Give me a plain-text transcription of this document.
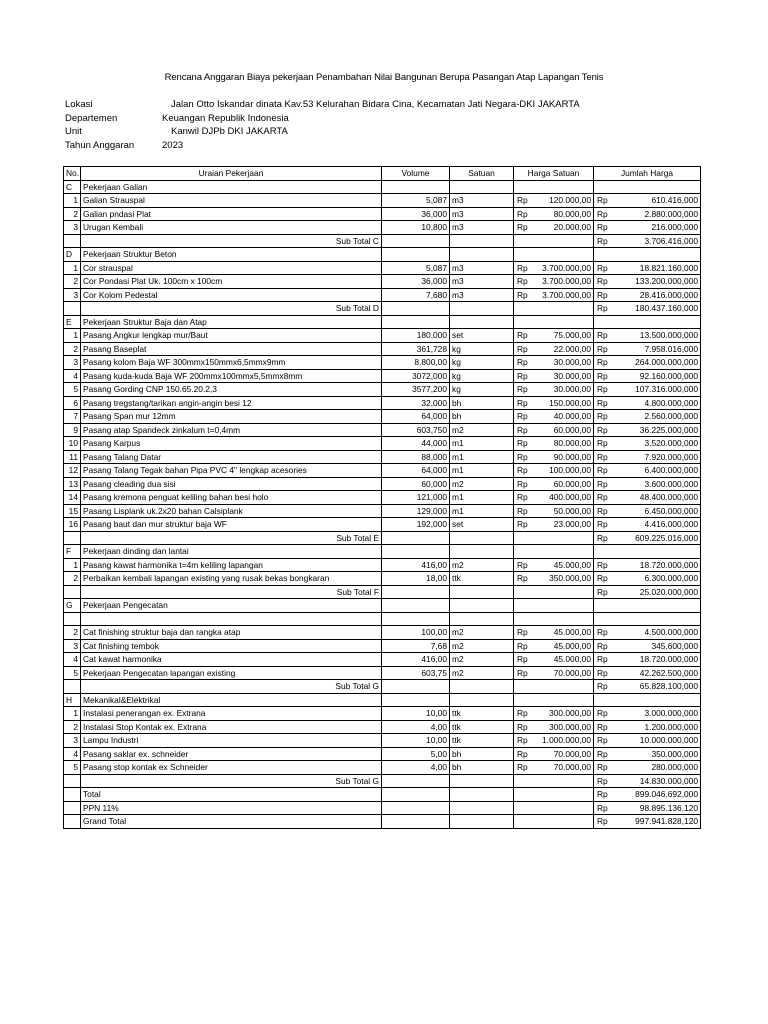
Rencana Anggaran Biaya pekerjaan Penambahan Nilai Bangunan Berupa Pasangan Atap Lapangan Tenis
Lokasi	Jalan Otto Iskandar dinata Kav.53 Kelurahan Bidara Cina, Kecamatan Jati Negara-DKI JAKARTA
Departemen	Keuangan Republik Indonesia
Unit	Kanwil DJPb DKI JAKARTA
Tahun Anggaran	2023
No.	Uraian Pekerjaan	Volume	Satuan	Harga Satuan		Jumlah Harga	
C	Pekerjaan Galian						
1	Galian Strauspal	5,087	m3	Rp	120.000,00	Rp	610.416,000
2	Galian pndasi Plat	36,000	m3	Rp	80.000,00	Rp	2.880.000,000
3	Urugan Kembali	10,800	m3	Rp	20.000,00	Rp	216.000,000
	Sub Total C					Rp	3.706.416,000
D	Pekerjaan Struktur Beton						
1	Cor strauspal	5,087	m3	Rp	3.700.000,00	Rp	18.821.160,000
2	Cor Pondasi Plat Uk. 100cm x 100cm	36,000	m3	Rp	3.700.000,00	Rp	133.200.000,000
3	Cor Kolom Pedestal	7,680	m3	Rp	3.700.000,00	Rp	28.416.000,000
	Sub Total D					Rp	180.437.160,000
E	Pekerjaan Struktur Baja dan Atap						
1	Pasang Angkur lengkap mur/Baut	180,000	set	Rp	75.000,00	Rp	13.500.000,000
2	Pasang Baseplat	361,728	kg	Rp	22.000,00	Rp	7.958.016,000
3	Pasang kolom Baja WF 300mmx150mmx6,5mmx9mm	8.800,00	kg	Rp	30.000,00	Rp	264.000.000,000
4	Pasang kuda-kuda Baja WF 200mmx100mmx5,5mmx8mm	3072,000	kg	Rp	30.000,00	Rp	92.160.000,000
5	Pasang Gording CNP 150.65.20.2,3	3577,200	kg	Rp	30.000,00	Rp	107.316.000,000
6	Pasang tregstang/tarikan angin-angin besi 12	32,000	bh	Rp	150.000,00	Rp	4.800.000,000
7	Pasang Span mur 12mm	64,000	bh	Rp	40.000,00	Rp	2.560.000,000
9	Pasang atap Spandeck zinkalum t=0,4mm	603,750	m2	Rp	60.000,00	Rp	36.225.000,000
10	Pasang Karpus	44,000	m1	Rp	80.000,00	Rp	3.520.000,000
11	Pasang Talang Datar	88,000	m1	Rp	90.000,00	Rp	7.920.000,000
12	Pasang Talang Tegak bahan Pipa PVC 4" lengkap acesories	64,000	m1	Rp	100.000,00	Rp	6.400.000,000
13	Pasang cleading dua sisi	60,000	m2	Rp	60.000,00	Rp	3.600.000,000
14	Pasang kremona penguat keliling bahan besi holo	121,000	m1	Rp	400.000,00	Rp	48.400.000,000
15	Pasang Lisplank uk.2x20 bahan Calsiplank	129,000	m1	Rp	50.000,00	Rp	6.450.000,000
16	Pasang baut dan mur struktur baja WF	192,000	set	Rp	23.000,00	Rp	4.416.000,000
	Sub Total E					Rp	609.225.016,000
F	Pekerjaan dinding dan lantai						
1	Pasang kawat harmonika t=4m keliling lapangan	416,00	m2	Rp	45.000,00	Rp	18.720.000,000
2	Perbaikan kembali lapangan existing yang rusak bekas bongkaran	18,00	ttk	Rp	350.000,00	Rp	6.300.000,000
	Sub Total F					Rp	25.020.000,000
G	Pekerjaan Pengecatan						

2	Cat finishing struktur baja dan rangka atap	100,00	m2	Rp	45.000,00	Rp	4.500.000,000
3	Cat finishing tembok	7,68	m2	Rp	45.000,00	Rp	345.600,000
4	Cat kawat harmonika	416,00	m2	Rp	45.000,00	Rp	18.720.000,000
5	Pekerjaan Pengecatan lapangan existing	603,75	m2	Rp	70.000,00	Rp	42.262.500,000
	Sub Total G					Rp	65.828.100,000
H	Mekanikal&Elektrikal						
1	Instalasi penerangan ex. Extrana	10,00	ttk	Rp	300.000,00	Rp	3.000.000,000
2	Instalasi Stop Kontak ex. Extrana	4,00	ttk	Rp	300.000,00	Rp	1.200.000,000
3	Lampu Industri	10,00	ttk	Rp	1.000.000,00	Rp	10.000.000,000
4	Pasang saklar ex. schneider	5,00	bh	Rp	70.000,00	Rp	350.000,000
5	Pasang stop kontak ex Schneider	4,00	bh	Rp	70.000,00	Rp	280.000,000
	Sub Total G					Rp	14.830.000,000
	Total					Rp	899.046.692,000
	PPN 11%					Rp	98.895.136,120
	Grand Total					Rp	997.941.828,120
